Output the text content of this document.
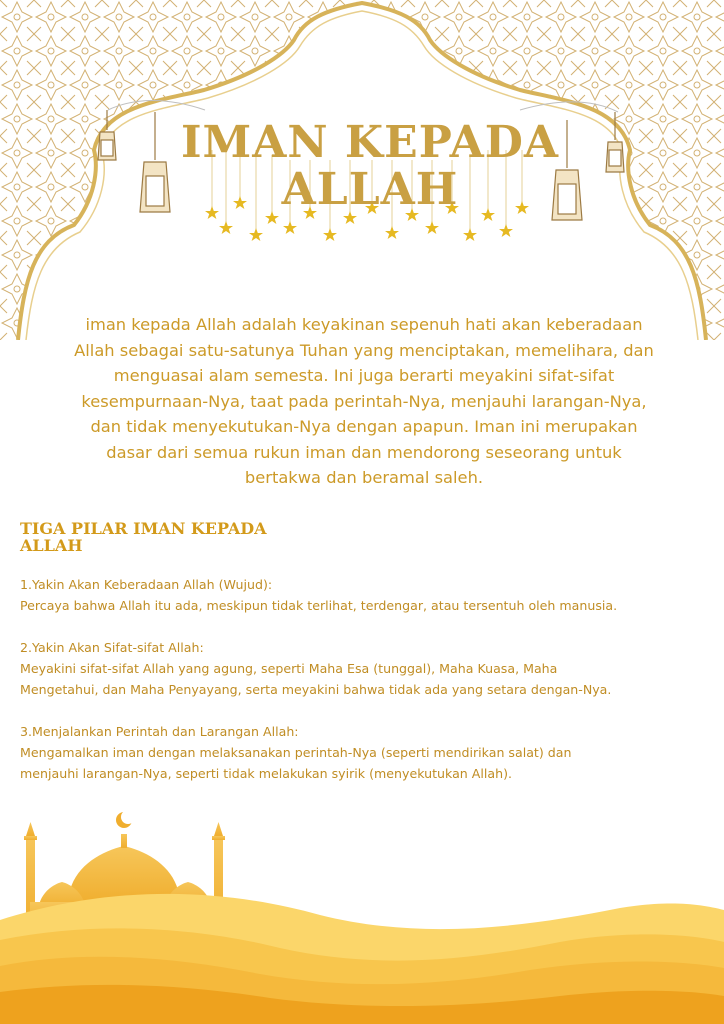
IMAN KEPADA
ALLAH
iman kepada Allah adalah keyakinan sepenuh hati akan keberadaan
Allah sebagai satu-satunya Tuhan yang menciptakan, memelihara, dan
menguasai alam semesta. Ini juga berarti meyakini sifat-sifat
kesempurnaan-Nya, taat pada perintah-Nya, menjauhi larangan-Nya,
dan tidak menyekutukan-Nya dengan apapun. Iman ini merupakan
dasar dari semua rukun iman dan mendorong seseorang untuk
bertakwa dan beramal saleh.
TIGA PILAR IMAN KEPADA
ALLAH
1.Yakin Akan Keberadaan Allah (Wujud):
Percaya bahwa Allah itu ada, meskipun tidak terlihat, terdengar, atau tersentuh oleh manusia.
2.Yakin Akan Sifat-sifat Allah:
Meyakini sifat-sifat Allah yang agung, seperti Maha Esa (tunggal), Maha Kuasa, Maha
Mengetahui, dan Maha Penyayang, serta meyakini bahwa tidak ada yang setara dengan-Nya.
3.Menjalankan Perintah dan Larangan Allah:
Mengamalkan iman dengan melaksanakan perintah-Nya (seperti mendirikan salat) dan
menjauhi larangan-Nya, seperti tidak melakukan syirik (menyekutukan Allah).
